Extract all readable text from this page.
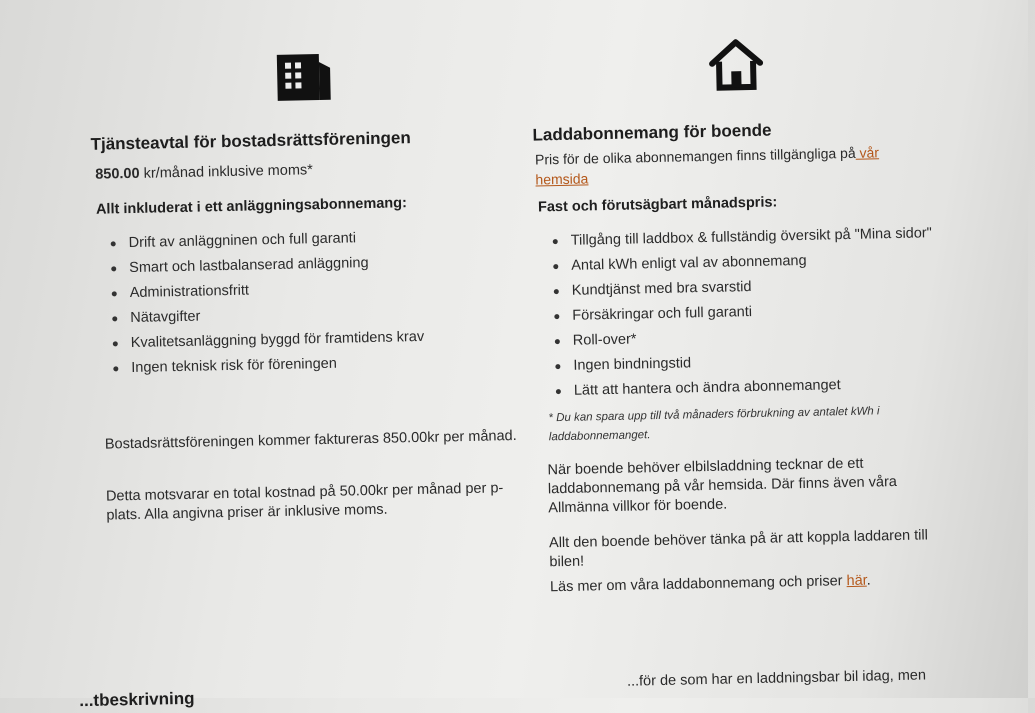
Tjänsteavtal för bostadsrättsföreningen
850.00 kr/månad inklusive moms*
Allt inkluderat i ett anläggningsabonnemang:
Drift av anläggninen och full garanti
Smart och lastbalanserad anläggning
Administrationsfritt
Nätavgifter
Kvalitetsanläggning byggd för framtidens krav
Ingen teknisk risk för föreningen

Bostadsrättsföreningen kommer faktureras 850.00kr per månad.

Detta motsvarar en total kostnad på 50.00kr per månad per p-plats. Alla angivna priser är inklusive moms.

Laddabonnemang för boende

Pris för de olika abonnemangen finns tillgängliga på vår hemsida

Fast och förutsägbart månadspris:
Tillgång till laddbox & fullständig översikt på "Mina sidor"
Antal kWh enligt val av abonnemang
Kundtjänst med bra svarstid
Försäkringar och full garanti
Roll-over*
Ingen bindningstid
Lätt att hantera och ändra abonnemanget

* Du kan spara upp till två månaders förbrukning av antalet kWh i laddabonnemanget.

När boende behöver elbilsladdning tecknar de ett laddabonnemang på vår hemsida. Där finns även våra Allmänna villkor för boende.

Allt den boende behöver tänka på är att koppla laddaren till bilen!

Läs mer om våra laddabonnemang och priser här.

...tbeskrivning
...för de som har en laddningsbar bil idag, men
